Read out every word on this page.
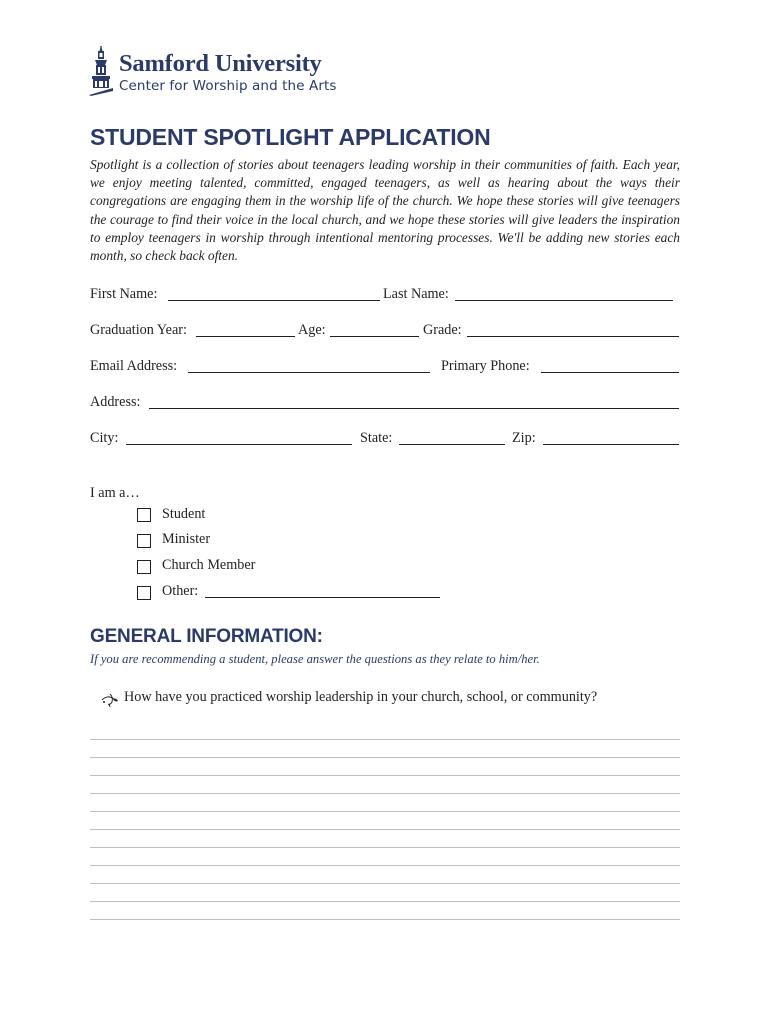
Samford University
Center for Worship and the Arts
STUDENT SPOTLIGHT APPLICATION
Spotlight is a collection of stories about teenagers leading worship in their communities of faith. Each year, we enjoy meeting talented, committed, engaged teenagers, as well as hearing about the ways their congregations are engaging them in the worship life of the church. We hope these stories will give teenagers the courage to find their voice in the local church, and we hope these stories will give leaders the inspiration to employ teenagers in worship through intentional mentoring processes. We'll be adding new stories each month, so check back often.
First Name:	Last Name:
Graduation Year:	Age:	Grade:
Email Address:	Primary Phone:
Address:
City:	State:	Zip:
I am a…
Student
Minister
Church Member
Other:
GENERAL INFORMATION:
If you are recommending a student, please answer the questions as they relate to him/her.
How have you practiced worship leadership in your church, school, or community?
